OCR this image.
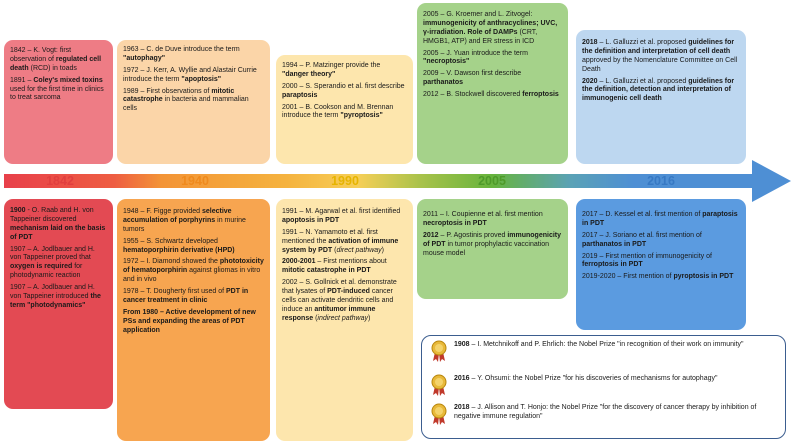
1842	1940	1990	2005	2016

1842 – K. Vogt: first observation of regulated cell death (RCD) in toads

1891 – Coley's mixed toxins used for the first time in clinics to treat sarcoma

1963 – C. de Duve introduce the term "autophagy"

1972 – J. Kerr, A. Wyllie and Alastair Currie introduce the term "apoptosis"

1989 – First observations of mitotic catastrophe in bacteria and mammalian cells

1994 – P. Matzinger provide the "danger theory"

2000 – S. Sperandio et al. first describe paraptosis

2001 – B. Cookson and M. Brennan introduce the term "pyroptosis"

2005 – G. Kroemer and L. Zitvogel: immunogenicity of anthracyclines; UVC, γ-irradiation. Role of DAMPs (CRT, HMGB1, ATP) and ER stress in ICD

2005 – J. Yuan introduce the term "necroptosis"

2009 – V. Dawson first describe parthanatos

2012 – B. Stockwell discovered ferroptosis

2018 – L. Galluzzi et al. proposed guidelines for the definition and interpretation of cell death approved by the Nomenclature Committee on Cell Death

2020 – L. Galluzzi et al. proposed guidelines for the definition, detection and interpretation of immunogenic cell death

1900 - O. Raab and H. von Tappeiner discovered mechanism laid on the basis of PDT

1907 – A. Jodlbauer and H. von Tappeiner proved that oxygen is required for photodynamic reaction

1907 – A. Jodlbauer and H. von Tappeiner introduced the term "photodynamics"

1948 – F. Figge provided selective accumulation of porphyrins in murine tumors

1955 – S. Schwartz developed hematoporphirin derivative (HPD)

1972 – I. Diamond showed the phototoxicity of hematoporphirin against gliomas in vitro and in vivo

1978 – T. Dougherty first used of PDT in cancer treatment in clinic

From 1980 – Active development of new PSs and expanding the areas of PDT application

1991 – M. Agarwal et al. first identified apoptosis in PDT

1991 – N. Yamamoto et al. first mentioned the activation of immune system by PDT (direct pathway)

2000-2001 – First mentions about mitotic catastrophe in PDT

2002 – S. Gollnick et al. demonstrate that lysates of PDT-induced cancer cells can activate dendritic cells and induce an antitumor immune response (indirect pathway)

2011 – I. Coupienne et al. first mention necroptosis in PDT

2012 – P. Agostinis proved immunogenicity of PDT in tumor prophylactic vaccination mouse model

2017 – D. Kessel et al. first mention of paraptosis in PDT

2017 – J. Soriano et al. first mention of parthanatos in PDT

2019 – First mention of immunogenicity of ferroptosis in PDT

2019-2020 – First mention of pyroptosis in PDT

1908 – I. Metchnikoff and P. Ehrlich: the Nobel Prize "in recognition of their work on immunity"
2016 – Y. Ohsumi: the Nobel Prize "for his discoveries of mechanisms for autophagy"
2018 – J. Allison and T. Honjo: the Nobel Prize "for the discovery of cancer therapy by inhibition of negative immune regulation"
